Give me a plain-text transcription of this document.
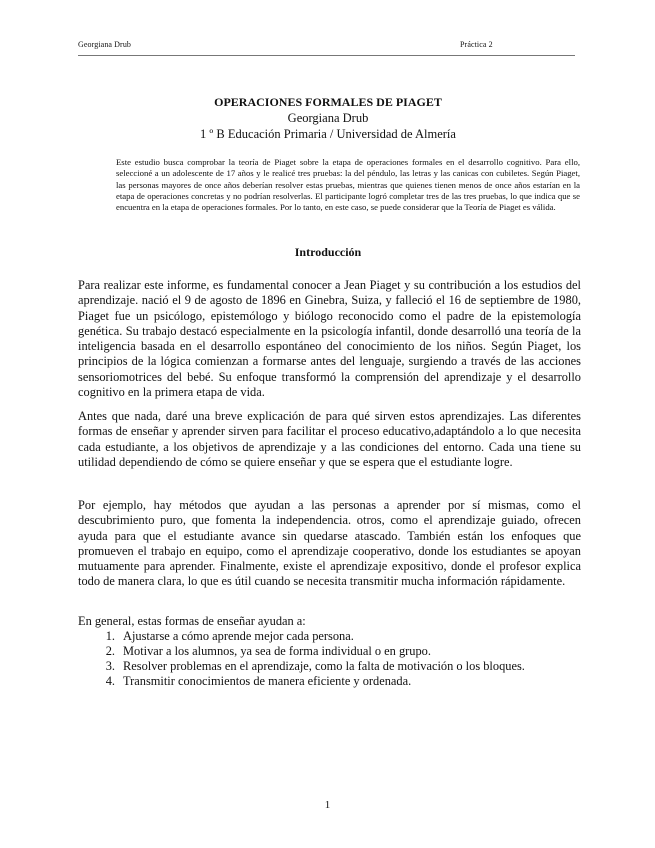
Georgiana Drub	Práctica 2
OPERACIONES FORMALES DE PIAGET
Georgiana Drub
1 º B Educación Primaria / Universidad de Almería

Este estudio busca comprobar la teoría de Piaget sobre la etapa de operaciones formales en el desarrollo cognitivo. Para ello, seleccioné a un adolescente de 17 años y le realicé tres pruebas: la del péndulo, las letras y las canicas con cubiletes. Según Piaget, las personas mayores de once años deberían resolver estas pruebas, mientras que quienes tienen menos de once años estarían en la etapa de operaciones concretas y no podrían resolverlas. El participante logró completar tres de las tres pruebas, lo que indica que se encuentra en la etapa de operaciones formales. Por lo tanto, en este caso, se puede considerar que la Teoría de Piaget es válida.

Introducción

Para realizar este informe, es fundamental conocer a Jean Piaget y su contribución a los estudios del aprendizaje. nació el 9 de agosto de 1896 en Ginebra, Suiza, y falleció el 16 de septiembre de 1980, Piaget fue un psicólogo, epistemólogo y biólogo reconocido como el padre de la epistemología genética. Su trabajo destacó especialmente en la psicología infantil, donde desarrolló una teoría de la inteligencia basada en el desarrollo espontáneo del conocimiento de los niños. Según Piaget, los principios de la lógica comienzan a formarse antes del lenguaje, surgiendo a través de las acciones sensoriomotrices del bebé. Su enfoque transformó la comprensión del aprendizaje y el desarrollo cognitivo en la primera etapa de vida.

Antes que nada, daré una breve explicación de para qué sirven estos aprendizajes. Las diferentes formas de enseñar y aprender sirven para facilitar el proceso educativo,adaptándolo a lo que necesita cada estudiante, a los objetivos de aprendizaje y a las condiciones del entorno. Cada una tiene su utilidad dependiendo de cómo se quiere enseñar y que se espera que el estudiante logre.

Por ejemplo, hay métodos que ayudan a las personas a aprender por sí mismas, como el descubrimiento puro, que fomenta la independencia. otros, como el aprendizaje guiado, ofrecen ayuda para que el estudiante avance sin quedarse atascado. También están los enfoques que promueven el trabajo en equipo, como el aprendizaje cooperativo, donde los estudiantes se apoyan mutuamente para aprender. Finalmente, existe el aprendizaje expositivo, donde el profesor explica todo de manera clara, lo que es útil cuando se necesita transmitir mucha información rápidamente.

En general, estas formas de enseñar ayudan a:

1. Ajustarse a cómo aprende mejor cada persona.
2. Motivar a los alumnos, ya sea de forma individual o en grupo.
3. Resolver problemas en el aprendizaje, como la falta de motivación o los bloques.
4. Transmitir conocimientos de manera eficiente y ordenada.
1
